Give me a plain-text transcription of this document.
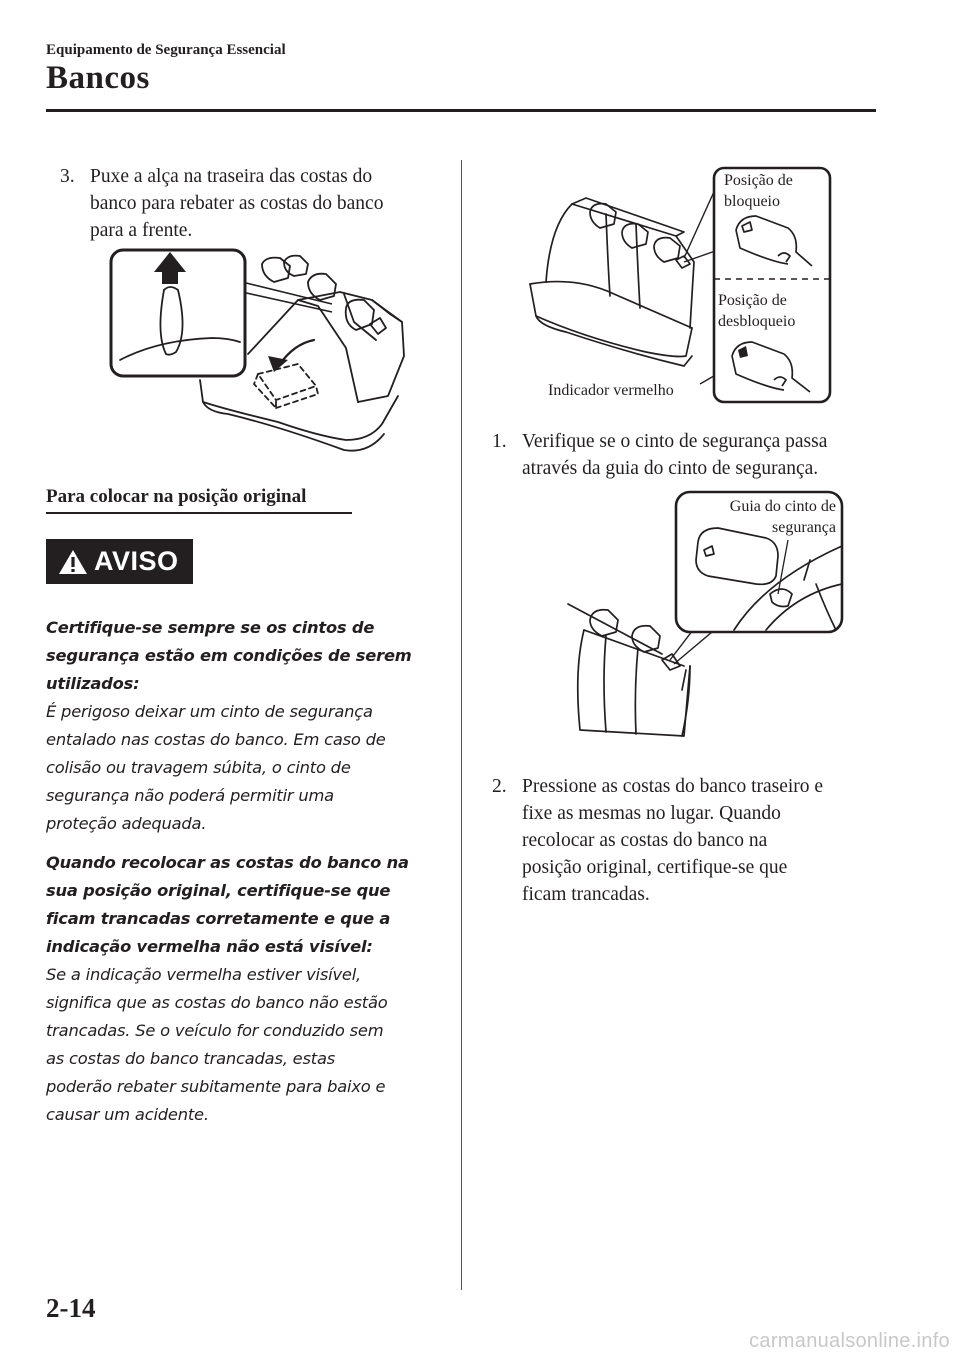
Equipamento de Segurança Essencial
Bancos
3. Puxe a alça na traseira das costas do
banco para rebater as costas do banco
para a frente.
Para colocar na posição original
AVISO
Certifique-se sempre se os cintos de
segurança estão em condições de serem
utilizados:
É perigoso deixar um cinto de segurança
entalado nas costas do banco. Em caso de
colisão ou travagem súbita, o cinto de
segurança não poderá permitir uma
proteção adequada.
Quando recolocar as costas do banco na
sua posição original, certifique-se que
ficam trancadas corretamente e que a
indicação vermelha não está visível:
Se a indicação vermelha estiver visível,
significa que as costas do banco não estão
trancadas. Se o veículo for conduzido sem
as costas do banco trancadas, estas
poderão rebater subitamente para baixo e
causar um acidente.
Posição de
bloqueio
Posição de
desbloqueio
Indicador vermelho
1. Verifique se o cinto de segurança passa
através da guia do cinto de segurança.
Guia do cinto de
segurança
2. Pressione as costas do banco traseiro e
fixe as mesmas no lugar. Quando
recolocar as costas do banco na
posição original, certifique-se que
ficam trancadas.
2-14
carmanualsonline.info
